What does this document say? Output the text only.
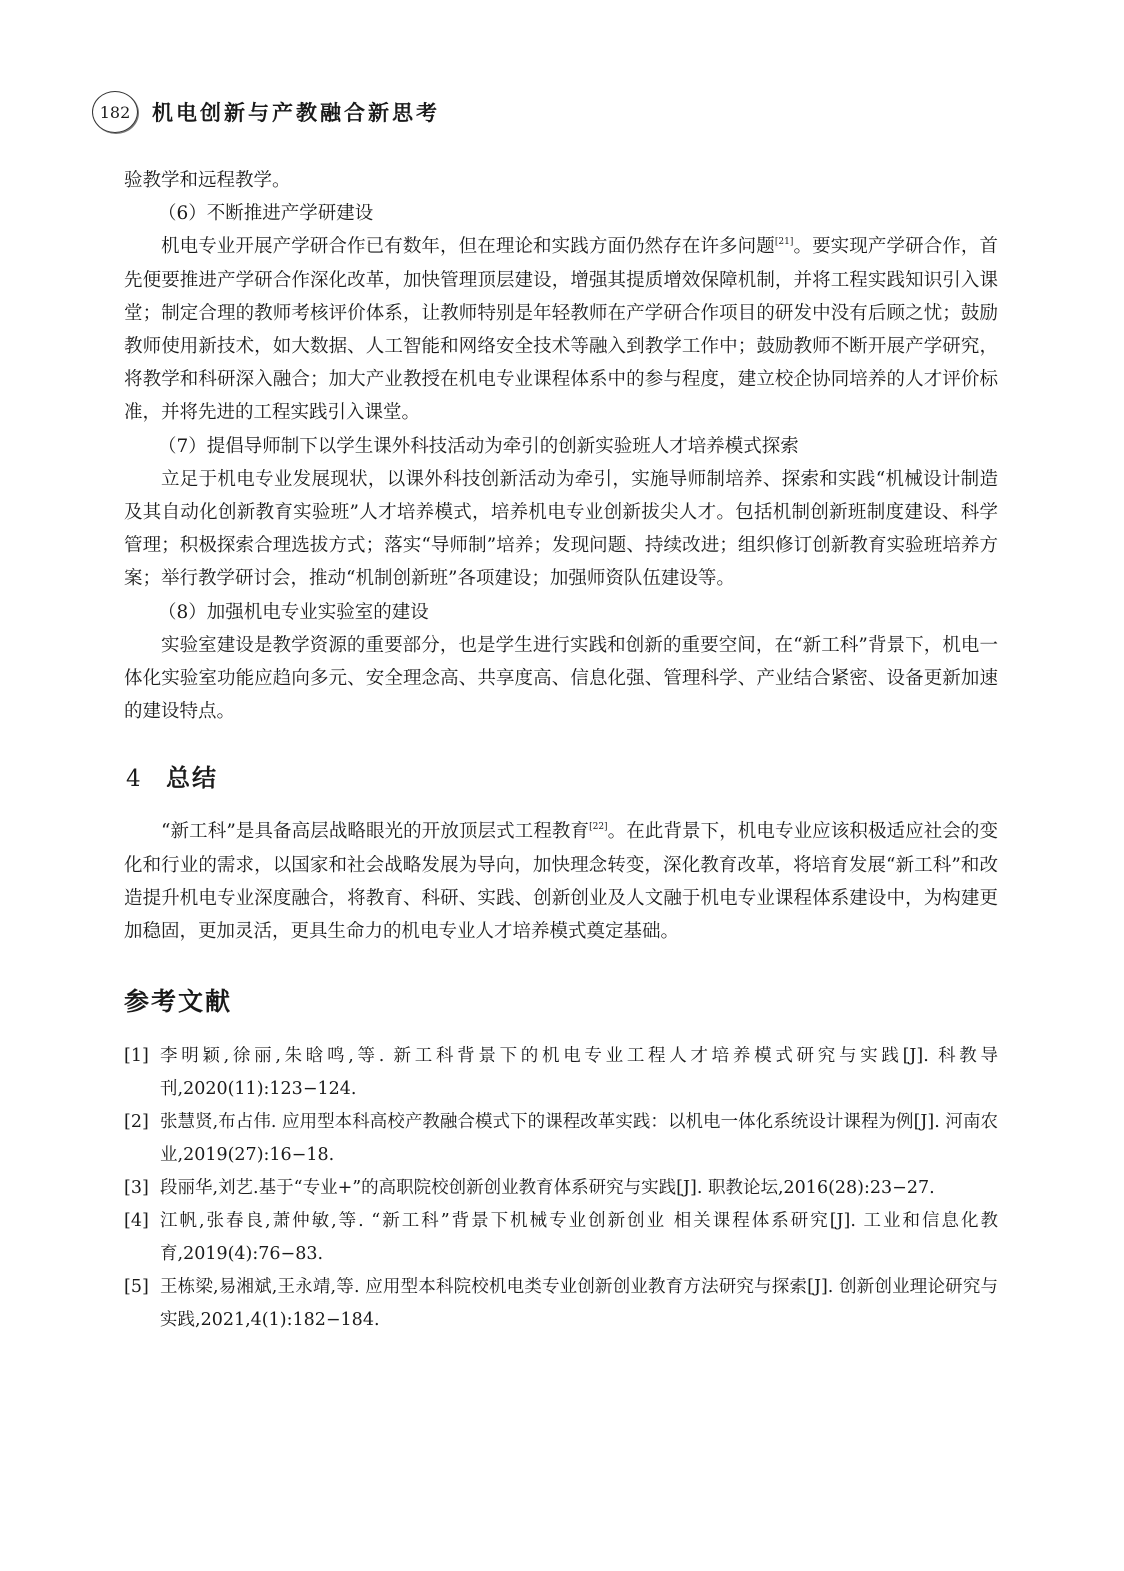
182	机电创新与产教融合新思考

验教学和远程教学。

（6）不断推进产学研建设

机电专业开展产学研合作已有数年，但在理论和实践方面仍然存在许多问题[21]。要实现产学研合作，首先便要推进产学研合作深化改革，加快管理顶层建设，增强其提质增效保障机制，并将工程实践知识引入课堂；制定合理的教师考核评价体系，让教师特别是年轻教师在产学研合作项目的研发中没有后顾之忧；鼓励教师使用新技术，如大数据、人工智能和网络安全技术等融入到教学工作中；鼓励教师不断开展产学研究，将教学和科研深入融合；加大产业教授在机电专业课程体系中的参与程度，建立校企协同培养的人才评价标准，并将先进的工程实践引入课堂。

（7）提倡导师制下以学生课外科技活动为牵引的创新实验班人才培养模式探索

立足于机电专业发展现状，以课外科技创新活动为牵引，实施导师制培养、探索和实践“机械设计制造及其自动化创新教育实验班”人才培养模式，培养机电专业创新拔尖人才。包括机制创新班制度建设、科学管理；积极探索合理选拔方式；落实“导师制”培养；发现问题、持续改进；组织修订创新教育实验班培养方案；举行教学研讨会，推动“机制创新班”各项建设；加强师资队伍建设等。

（8）加强机电专业实验室的建设

实验室建设是教学资源的重要部分，也是学生进行实践和创新的重要空间，在“新工科”背景下，机电一体化实验室功能应趋向多元、安全理念高、共享度高、信息化强、管理科学、产业结合紧密、设备更新加速的建设特点。

4	总结

“新工科”是具备高层战略眼光的开放顶层式工程教育[22]。在此背景下，机电专业应该积极适应社会的变化和行业的需求，以国家和社会战略发展为导向，加快理念转变，深化教育改革，将培育发展“新工科”和改造提升机电专业深度融合，将教育、科研、实践、创新创业及人文融于机电专业课程体系建设中，为构建更加稳固，更加灵活，更具生命力的机电专业人才培养模式奠定基础。

参考文献
[1] 李明颖,徐丽,朱晗鸣,等. 新工科背景下的机电专业工程人才培养模式研究与实践[J]. 科教导刊,2020(11):123−124.
[2] 张慧贤,布占伟. 应用型本科高校产教融合模式下的课程改革实践：以机电一体化系统设计课程为例[J]. 河南农业,2019(27):16−18.
[3] 段丽华,刘艺.基于“专业+”的高职院校创新创业教育体系研究与实践[J]. 职教论坛,2016(28):23−27.
[4] 江帆,张春良,萧仲敏,等. “新工科”背景下机械专业创新创业 相关课程体系研究[J]. 工业和信息化教育,2019(4):76−83.
[5] 王栋梁,易湘斌,王永靖,等. 应用型本科院校机电类专业创新创业教育方法研究与探索[J]. 创新创业理论研究与实践,2021,4(1):182−184.
